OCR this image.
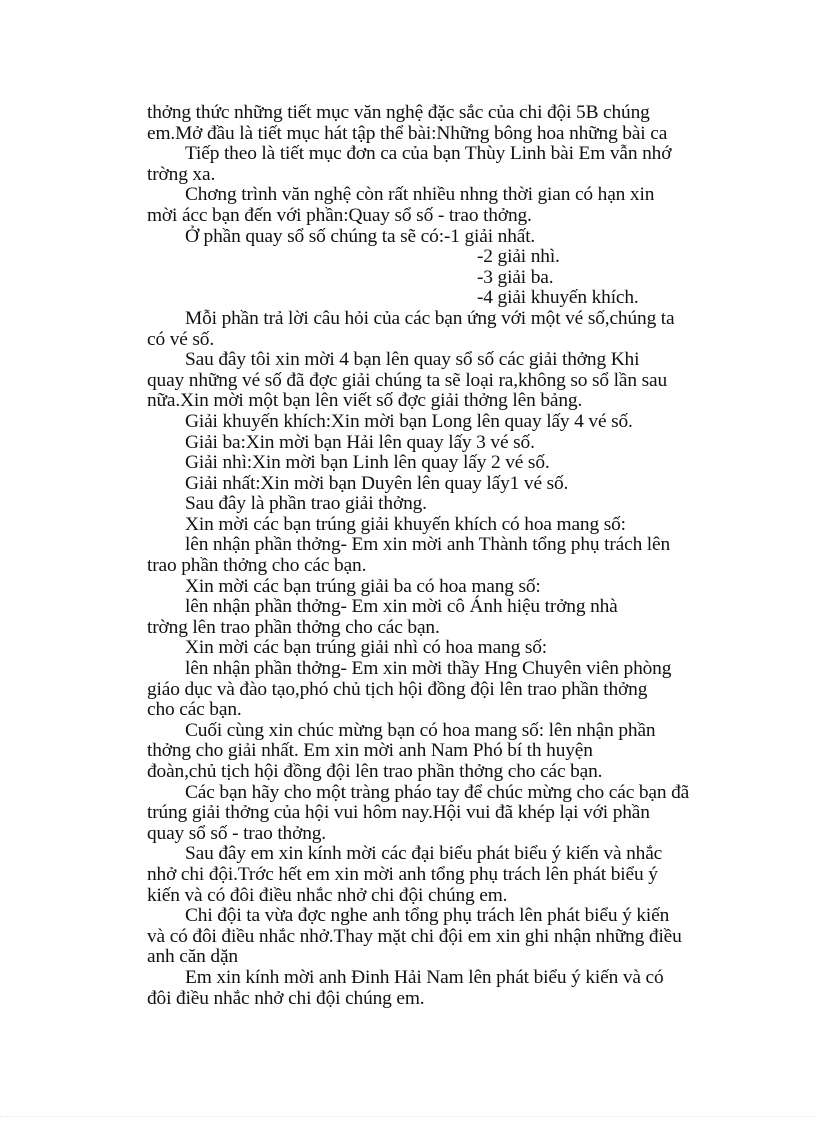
thởng thức những tiết mục văn nghệ đặc sắc của chi đội 5B chúng

em.Mở đầu là tiết mục hát tập thể bài:Những bông hoa những bài ca

Tiếp theo là tiết mục đơn ca của bạn Thùy Linh bài Em vẫn nhớ

trờng xa.

Chơng trình văn nghệ còn rất nhiều nhng thời gian có hạn xin

mời ácc bạn đến với phần:Quay sổ số - trao thởng.

Ở phần quay sổ số chúng ta sẽ có:-1 giải nhất.

-2 giải nhì.

-3 giải ba.

-4 giải khuyến khích.

Mỗi phần trả lời câu hỏi của các bạn ứng với một vé số,chúng ta

có vé số.

Sau đây tôi xin mời 4 bạn lên quay sổ số các giải thởng Khi

quay những vé số đã đợc giải chúng ta sẽ loại ra,không so sổ lần sau

nữa.Xin mời một bạn lên viết số đợc giải thởng lên bảng.

Giải khuyến khích:Xin mời bạn Long lên quay lấy 4 vé số.

Giải ba:Xin mời bạn Hải lên quay lấy 3 vé số.

Giải nhì:Xin mời bạn Linh lên quay lấy 2 vé số.

Giải nhất:Xin mời bạn Duyên lên quay lấy1 vé số.

Sau đây là phần trao giải thởng.

Xin mời các bạn trúng giải khuyến khích có hoa mang số:

lên nhận phần thởng- Em xin mời anh Thành tổng phụ trách lên

trao phần thởng cho các bạn.

Xin mời các bạn trúng giải ba có hoa mang số:

lên nhận phần thởng- Em xin mời cô Ánh hiệu trởng nhà

trờng lên trao phần thởng cho các bạn.

Xin mời các bạn trúng giải nhì có hoa mang số:

lên nhận phần thởng- Em xin mời thầy Hng Chuyên viên phòng

giáo dục và đào tạo,phó chủ tịch hội đồng đội lên trao phần thởng

cho các bạn.

Cuối cùng xin chúc mừng bạn có hoa mang số: lên nhận phần

thởng cho giải nhất. Em xin mời anh Nam Phó bí th huyện

đoàn,chủ tịch hội đồng đội lên trao phần thởng cho các bạn.

Các bạn hãy cho một tràng pháo tay để chúc mừng cho các bạn đã

trúng giải thởng của hội vui hôm nay.Hội vui đã khép lại với phần

quay sổ số - trao thởng.

Sau đây em xin kính mời các đại biểu phát biểu ý kiến và nhắc

nhở chi đội.Trớc hết em xin mời anh tổng phụ trách lên phát biểu ý

kiến và có đôi điều nhắc nhở chi đội chúng em.

Chi đội ta vừa đợc nghe anh tổng phụ trách lên phát biểu ý kiến

và có đôi điều nhắc nhở.Thay mặt chi đội em xin ghi nhận những điều

anh căn dặn

Em xin kính mời anh Đinh Hải Nam lên phát biểu ý kiến và có

đôi điều nhắc nhở chi đội chúng em.
